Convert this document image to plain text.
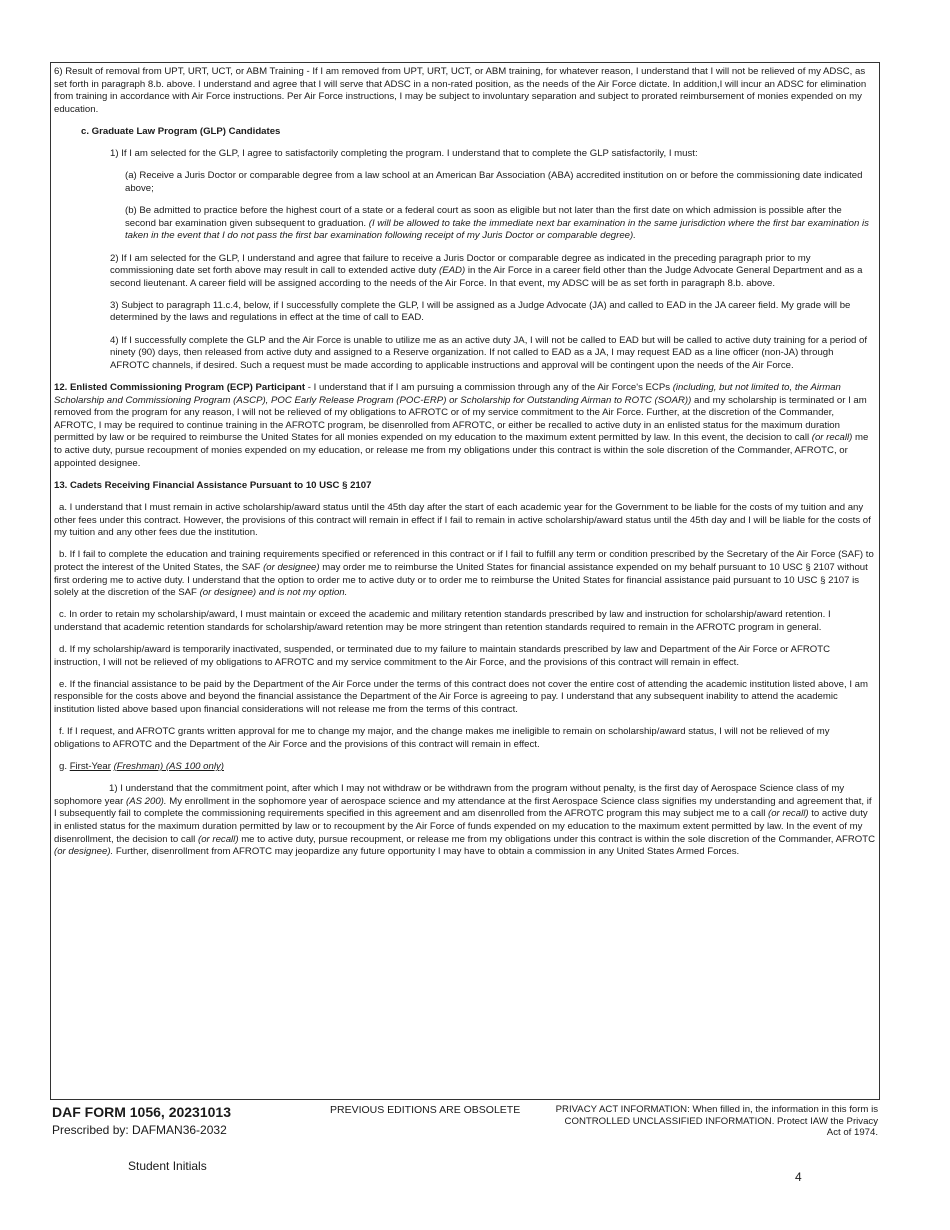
6) Result of removal from UPT, URT, UCT, or ABM Training - If I am removed from UPT, URT, UCT, or ABM training, for whatever reason, I understand that I will not be relieved of my ADSC, as set forth in paragraph 8.b. above. I understand and agree that I will serve that ADSC in a non-rated position, as the needs of the Air Force dictate. In addition,I will incur an ADSC for elimination from training in accordance with Air Force instructions. Per Air Force instructions, I may be subject to involuntary separation and subject to prorated reimbursement of monies expended on my education.

c. Graduate Law Program (GLP) Candidates

1) If I am selected for the GLP, I agree to satisfactorily completing the program. I understand that to complete the GLP satisfactorily, I must:

(a) Receive a Juris Doctor or comparable degree from a law school at an American Bar Association (ABA) accredited institution on or before the commissioning date indicated above;

(b) Be admitted to practice before the highest court of a state or a federal court as soon as eligible but not later than the first date on which admission is possible after the second bar examination given subsequent to graduation. (I will be allowed to take the immediate next bar examination in the same jurisdiction where the first bar examination is taken in the event that I do not pass the first bar examination following receipt of my Juris Doctor or comparable degree).

2) If I am selected for the GLP, I understand and agree that failure to receive a Juris Doctor or comparable degree as indicated in the preceding paragraph prior to my commissioning date set forth above may result in call to extended active duty (EAD) in the Air Force in a career field other than the Judge Advocate General Department and as a second lieutenant. A career field will be assigned according to the needs of the Air Force. In that event, my ADSC will be as set forth in paragraph 8.b. above.

3) Subject to paragraph 11.c.4, below, if I successfully complete the GLP, I will be assigned as a Judge Advocate (JA) and called to EAD in the JA career field. My grade will be determined by the laws and regulations in effect at the time of call to EAD.

4) If I successfully complete the GLP and the Air Force is unable to utilize me as an active duty JA, I will not be called to EAD but will be called to active duty training for a period of ninety (90) days, then released from active duty and assigned to a Reserve organization. If not called to EAD as a JA, I may request EAD as a line officer (non-JA) through AFROTC channels, if desired. Such a request must be made according to applicable instructions and approval will be contingent upon the needs of the Air Force.

12. Enlisted Commissioning Program (ECP) Participant - I understand that if I am pursuing a commission through any of the Air Force's ECPs (including, but not limited to, the Airman Scholarship and Commissioning Program (ASCP), POC Early Release Program (POC-ERP) or Scholarship for Outstanding Airman to ROTC (SOAR)) and my scholarship is terminated or I am removed from the program for any reason, I will not be relieved of my obligations to AFROTC or of my service commitment to the Air Force. Further, at the discretion of the Commander, AFROTC, I may be required to continue training in the AFROTC program, be disenrolled from AFROTC, or either be recalled to active duty in an enlisted status for the maximum duration permitted by law or be required to reimburse the United States for all monies expended on my education to the maximum extent permitted by law. In this event, the decision to call (or recall) me to active duty, pursue recoupment of monies expended on my education, or release me from my obligations under this contract is within the sole discretion of the Commander, AFROTC, or appointed designee.

13. Cadets Receiving Financial Assistance Pursuant to 10 USC § 2107

a. I understand that I must remain in active scholarship/award status until the 45th day after the start of each academic year for the Government to be liable for the costs of my tuition and any other fees under this contract. However, the provisions of this contract will remain in effect if I fail to remain in active scholarship/award status until the 45th day and I will be liable for the costs of my tuition and any other fees due the institution.

b. If I fail to complete the education and training requirements specified or referenced in this contract or if I fail to fulfill any term or condition prescribed by the Secretary of the Air Force (SAF) to protect the interest of the United States, the SAF (or designee) may order me to reimburse the United States for financial assistance expended on my behalf pursuant to 10 USC § 2107 without first ordering me to active duty. I understand that the option to order me to active duty or to order me to reimburse the United States for financial assistance paid pursuant to 10 USC § 2107 is solely at the discretion of the SAF (or designee) and is not my option.

c. In order to retain my scholarship/award, I must maintain or exceed the academic and military retention standards prescribed by law and instruction for scholarship/award retention. I understand that academic retention standards for scholarship/award retention may be more stringent than retention standards required to remain in the AFROTC program in general.

d. If my scholarship/award is temporarily inactivated, suspended, or terminated due to my failure to maintain standards prescribed by law and Department of the Air Force or AFROTC instruction, I will not be relieved of my obligations to AFROTC and my service commitment to the Air Force, and the provisions of this contract will remain in effect.

e. If the financial assistance to be paid by the Department of the Air Force under the terms of this contract does not cover the entire cost of attending the academic institution listed above, I am responsible for the costs above and beyond the financial assistance the Department of the Air Force is agreeing to pay. I understand that any subsequent inability to attend the academic institution listed above based upon financial considerations will not release me from the terms of this contract.

f. If I request, and AFROTC grants written approval for me to change my major, and the change makes me ineligible to remain on scholarship/award status, I will not be relieved of my obligations to AFROTC and the Department of the Air Force and the provisions of this contract will remain in effect.

g. First-Year (Freshman) (AS 100 only)

1) I understand that the commitment point, after which I may not withdraw or be withdrawn from the program without penalty, is the first day of Aerospace Science class of my sophomore year (AS 200). My enrollment in the sophomore year of aerospace science and my attendance at the first Aerospace Science class signifies my understanding and agreement that, if I subsequently fail to complete the commissioning requirements specified in this agreement and am disenrolled from the AFROTC program this may subject me to a call (or recall) to active duty in enlisted status for the maximum duration permitted by law or to recoupment by the Air Force of funds expended on my education to the maximum extent permitted by law. In the event of my disenrollment, the decision to call (or recall) me to active duty, pursue recoupment, or release me from my obligations under this contract is within the sole discretion of the Commander, AFROTC (or designee). Further, disenrollment from AFROTC may jeopardize any future opportunity I may have to obtain a commission in any United States Armed Forces.

DAF FORM 1056, 20231013
Prescribed by: DAFMAN36-2032
PREVIOUS EDITIONS ARE OBSOLETE	PRIVACY ACT INFORMATION: When filled in, the information in this form is CONTROLLED UNCLASSIFIED INFORMATION. Protect IAW the Privacy Act of 1974.
Student Initials
4
